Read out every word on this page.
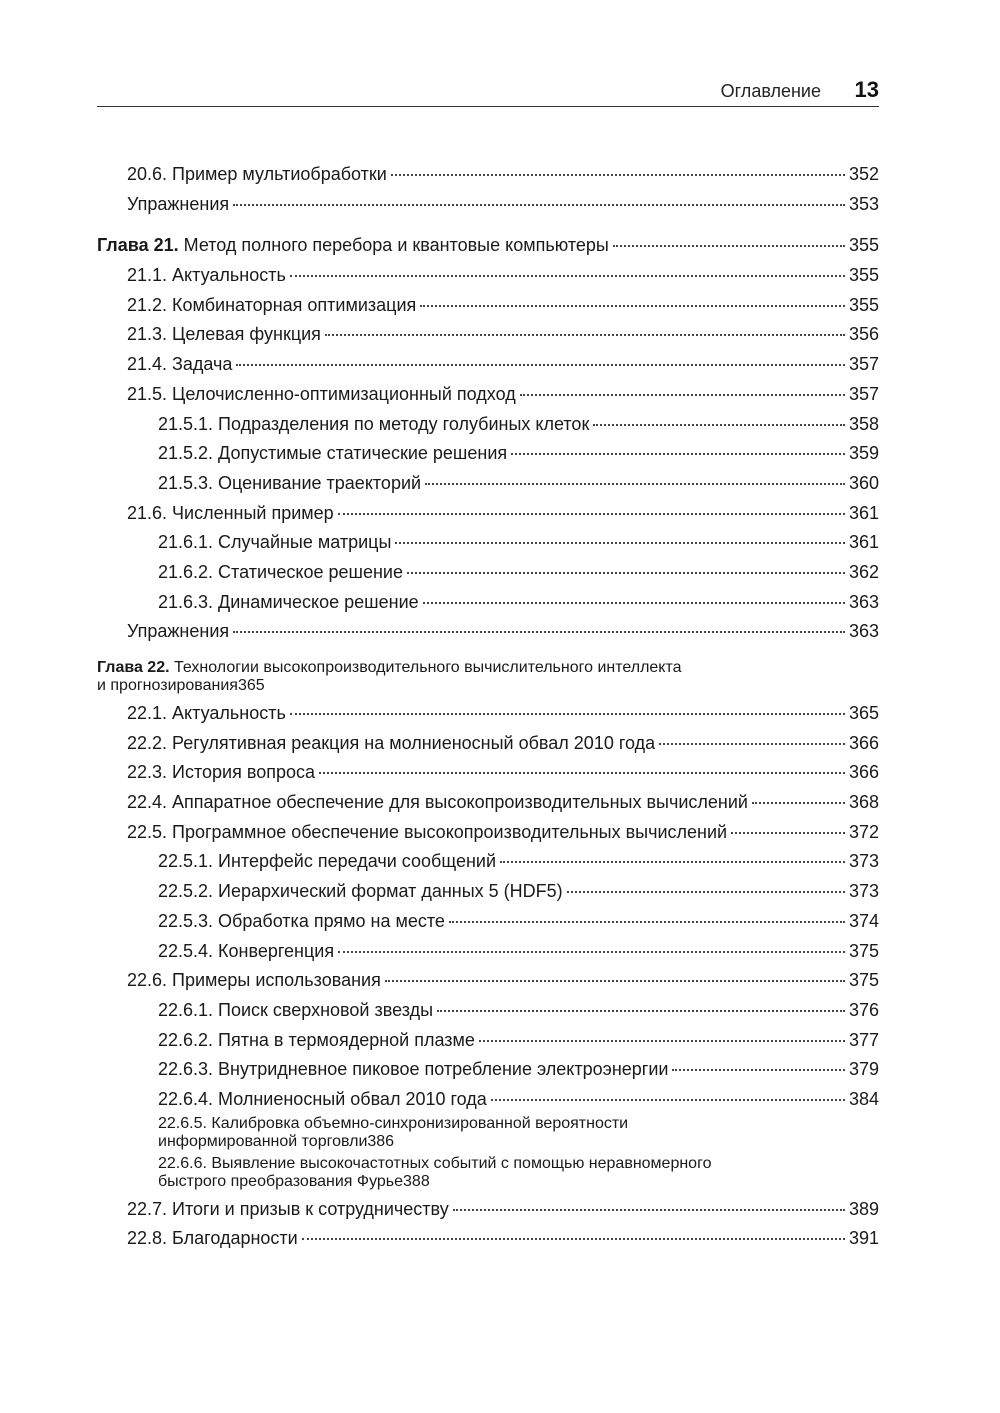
Оглавление 13
20.6. Пример мультиобработки	352
Упражнения	353
Глава 21. Метод полного перебора и квантовые компьютеры	355
21.1. Актуальность	355
21.2. Комбинаторная оптимизация	355
21.3. Целевая функция	356
21.4. Задача	357
21.5. Целочисленно-оптимизационный подход	357
21.5.1. Подразделения по методу голубиных клеток	358
21.5.2. Допустимые статические решения	359
21.5.3. Оценивание траекторий	360
21.6. Численный пример	361
21.6.1. Случайные матрицы	361
21.6.2. Статическое решение	362
21.6.3. Динамическое решение	363
Упражнения	363
Глава 22. Технологии высокопроизводительного вычислительного интеллекта
и прогнозирования365
22.1. Актуальность	365
22.2. Регулятивная реакция на молниеносный обвал 2010 года	366
22.3. История вопроса	366
22.4. Аппаратное обеспечение для высокопроизводительных вычислений	368
22.5. Программное обеспечение высокопроизводительных вычислений	372
22.5.1. Интерфейс передачи сообщений	373
22.5.2. Иерархический формат данных 5 (HDF5)	373
22.5.3. Обработка прямо на месте	374
22.5.4. Конвергенция	375
22.6. Примеры использования	375
22.6.1. Поиск сверхновой звезды	376
22.6.2. Пятна в термоядерной плазме	377
22.6.3. Внутридневное пиковое потребление электроэнергии	379
22.6.4. Молниеносный обвал 2010 года	384
22.6.5. Калибровка объемно-синхронизированной вероятности
информированной торговли386
22.6.6. Выявление высокочастотных событий с помощью неравномерного
быстрого преобразования Фурье388
22.7. Итоги и призыв к сотрудничеству	389
22.8. Благодарности	391
